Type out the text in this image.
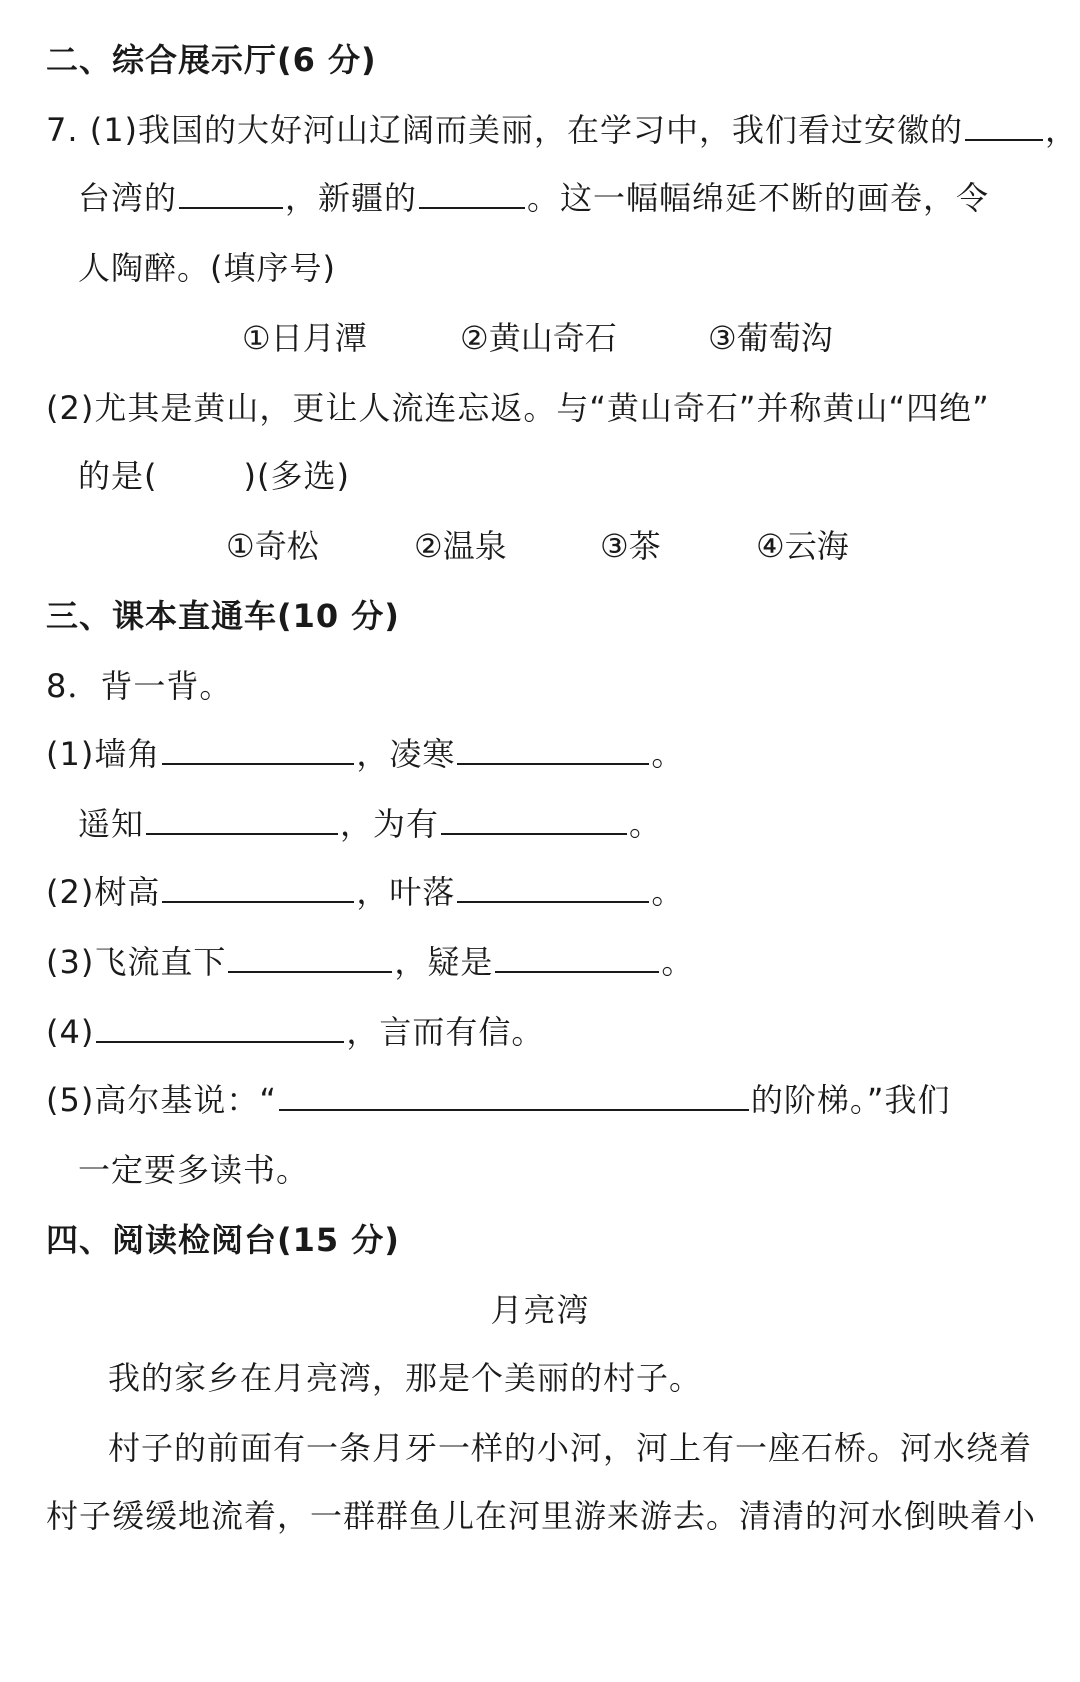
二、综合展示厅(6 分)
7. (1)我国的大好河山辽阔而美丽，在学习中，我们看过安徽的	，
台湾的	，新疆的	。这一幅幅绵延不断的画卷，令
人陶醉。(填序号)
①日月潭	②黄山奇石	③葡萄沟
(2)尤其是黄山，更让人流连忘返。与“黄山奇石”并称黄山“四绝”
的是(	)(多选)
①奇松	②温泉	③茶	④云海
三、课本直通车(10 分)
8．背一背。
(1)墙角	，凌寒	。
遥知	，为有	。
(2)树高	，叶落	。
(3)飞流直下	，疑是	。
(4)	，言而有信。
(5)高尔基说：“	的阶梯。”我们
一定要多读书。
四、阅读检阅台(15 分)
月亮湾
我的家乡在月亮湾，那是个美丽的村子。
村子的前面有一条月牙一样的小河，河上有一座石桥。河水绕着
村子缓缓地流着，一群群鱼儿在河里游来游去。清清的河水倒映着小
